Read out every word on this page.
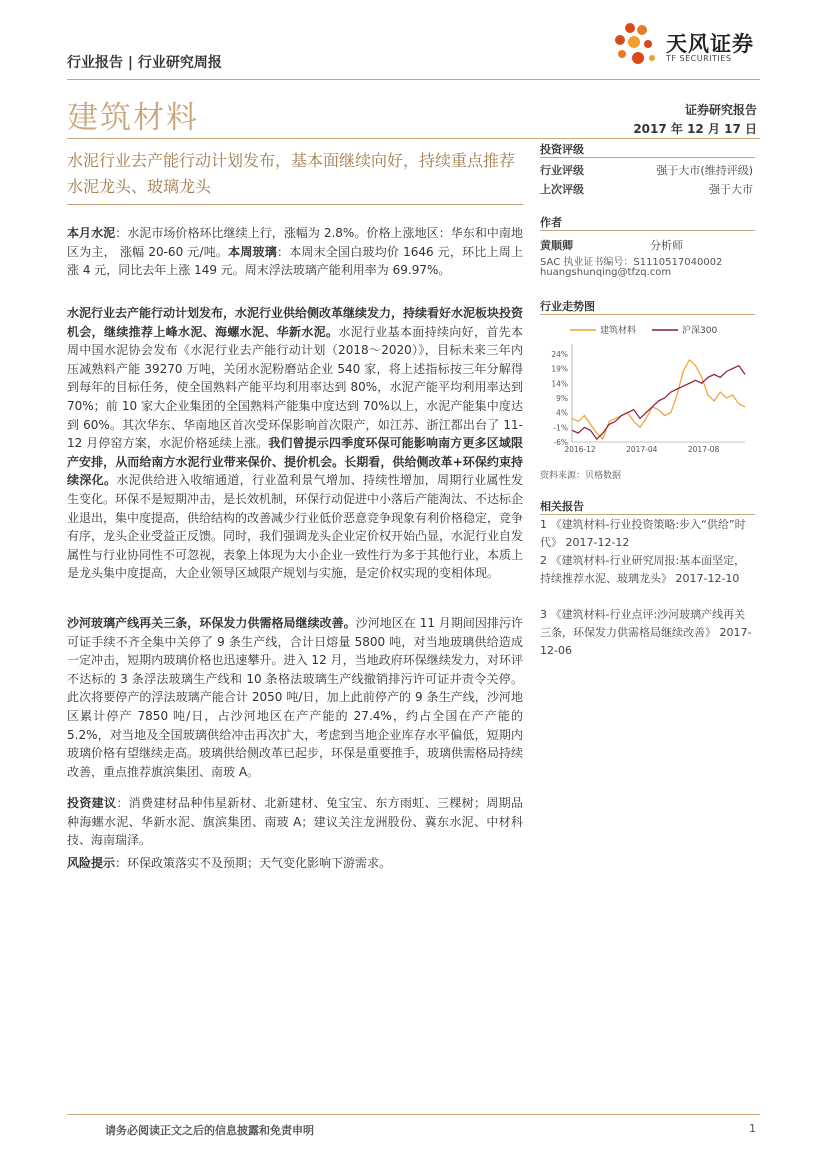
行业报告 | 行业研究周报
天风证券
TF SECURITIES
建筑材料	证券研究报告
2017 年 12 月 17 日
水泥行业去产能行动计划发布，基本面继续向好，持续重点推荐水泥龙头、玻璃龙头
本月水泥：水泥市场价格环比继续上行，涨幅为 2.8%。价格上涨地区：华东和中南地区为主， 涨幅 20-60 元/吨。本周玻璃：本周末全国白玻均价 1646 元，环比上周上涨 4 元，同比去年上涨 149 元。周末浮法玻璃产能利用率为 69.97%。
水泥行业去产能行动计划发布，水泥行业供给侧改革继续发力，持续看好水泥板块投资机会，继续推荐上峰水泥、海螺水泥、华新水泥。水泥行业基本面持续向好，首先本周中国水泥协会发布《水泥行业去产能行动计划（2018～2020）》，目标未来三年内压减熟料产能 39270 万吨，关闭水泥粉磨站企业 540 家，将上述指标按三年分解得到每年的目标任务，使全国熟料产能平均利用率达到 80%，水泥产能平均利用率达到 70%；前 10 家大企业集团的全国熟料产能集中度达到 70%以上，水泥产能集中度达到 60%。其次华东、华南地区首次受环保影响首次限产，如江苏、浙江都出台了 11-12 月停窑方案，水泥价格延续上涨。我们曾提示四季度环保可能影响南方更多区域限产安排，从而给南方水泥行业带来保价、提价机会。长期看，供给侧改革+环保约束持续深化。水泥供给进入收缩通道，行业盈利景气增加、持续性增加，周期行业属性发生变化。环保不是短期冲击，是长效机制，环保行动促进中小落后产能淘汰、不达标企业退出，集中度提高，供给结构的改善减少行业低价恶意竞争现象有利价格稳定，竞争有序，龙头企业受益正反馈。同时，我们强调龙头企业定价权开始凸显，水泥行业自发属性与行业协同性不可忽视，表象上体现为大小企业一致性行为多于其他行业，本质上是龙头集中度提高，大企业领导区域限产规划与实施，是定价权实现的变相体现。
沙河玻璃产线再关三条，环保发力供需格局继续改善。沙河地区在 11 月期间因排污许可证手续不齐全集中关停了 9 条生产线，合计日熔量 5800 吨，对当地玻璃供给造成一定冲击，短期内玻璃价格也迅速攀升。进入 12 月，当地政府环保继续发力，对环评不达标的 3 条浮法玻璃生产线和 10 条格法玻璃生产线撤销排污许可证并责令关停。此次将要停产的浮法玻璃产能合计 2050 吨/日，加上此前停产的 9 条生产线，沙河地区累计停产 7850 吨/日，占沙河地区在产产能的 27.4%，约占全国在产产能的 5.2%，对当地及全国玻璃供给冲击再次扩大，考虑到当地企业库存水平偏低，短期内玻璃价格有望继续走高。玻璃供给侧改革已起步，环保是重要推手，玻璃供需格局持续改善，重点推荐旗滨集团、南玻 A。
投资建议：消费建材品种伟星新材、北新建材、兔宝宝、东方雨虹、三棵树；周期品种海螺水泥、华新水泥、旗滨集团、南玻 A；建议关注龙洲股份、冀东水泥、中材科技、海南瑞泽。
风险提示：环保政策落实不及预期；天气变化影响下游需求。
投资评级
行业评级	强于大市(维持评级)
上次评级	强于大市
作者
黄顺卿	分析师
SAC 执业证书编号：S1110517040002
huangshunqing@tfzq.com
行业走势图
建筑材料	沪深300
24%
19%
14%
9%
4%
-1%
-6%
2016-12	2017-04	2017-08
资料来源：贝格数据
相关报告
1 《建筑材料-行业投资策略:步入“供给”时代》 2017-12-12
2 《建筑材料-行业研究周报:基本面坚定，持续推荐水泥、玻璃龙头》 2017-12-10
3 《建筑材料-行业点评:沙河玻璃产线再关三条，环保发力供需格局继续改善》 2017-12-06
请务必阅读正文之后的信息披露和免责申明	1
